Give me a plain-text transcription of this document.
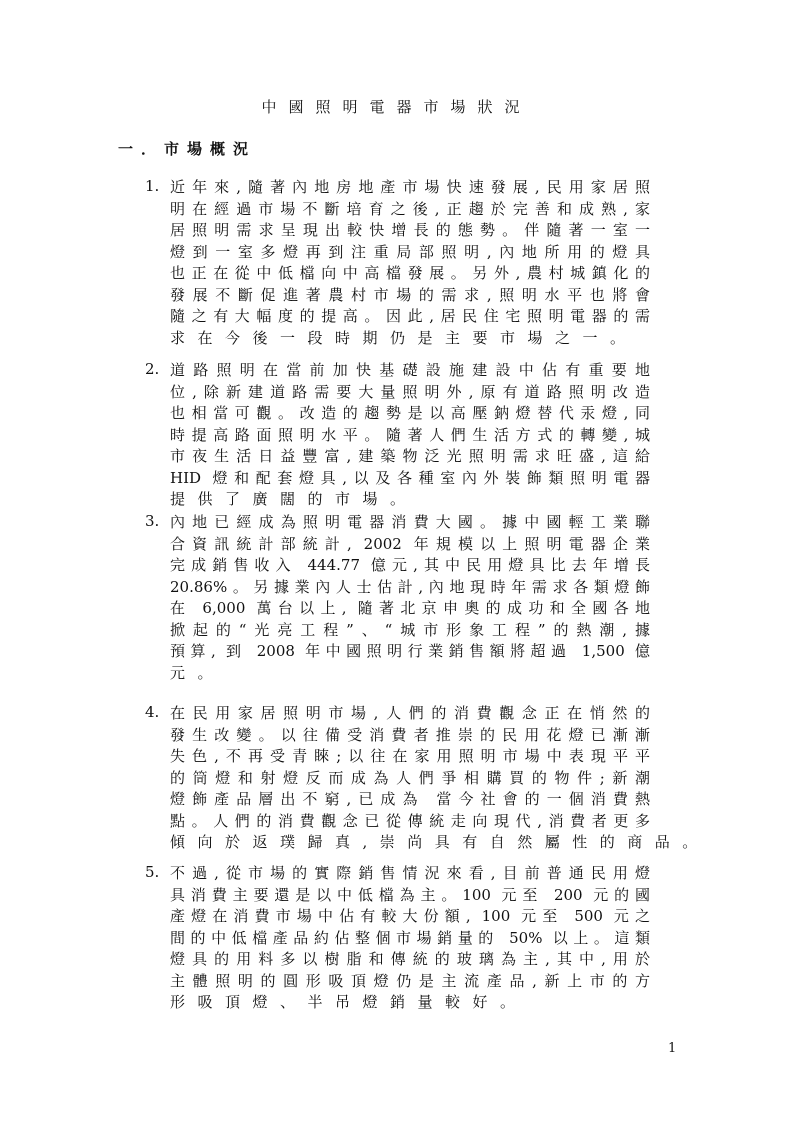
中國照明電器市場狀況
一．市場概況
1. 近年來,隨著內地房地產市場快速發展,民用家居照
明在經過市場不斷培育之後,正趨於完善和成熟,家
居照明需求呈現出較快增長的態勢。伴隨著一室一
燈到一室多燈再到注重局部照明,內地所用的燈具
也正在從中低檔向中高檔發展。另外,農村城鎮化的
發展不斷促進著農村市場的需求,照明水平也將會
隨之有大幅度的提高。因此,居民住宅照明電器的需
求在今後一段時期仍是主要市場之一。
2. 道路照明在當前加快基礎設施建設中佔有重要地
位,除新建道路需要大量照明外,原有道路照明改造
也相當可觀。改造的趨勢是以高壓鈉燈替代汞燈,同
時提高路面照明水平。隨著人們生活方式的轉變,城
市夜生活日益豐富,建築物泛光照明需求旺盛,這給
HID 燈和配套燈具,以及各種室內外裝飾類照明電器
提供了廣闊的市場。
3. 內地已經成為照明電器消費大國。據中國輕工業聯
合資訊統計部統計, 2002 年規模以上照明電器企業
完成銷售收入 444.77 億元,其中民用燈具比去年增長
20.86%。另據業內人士估計,內地現時年需求各類燈飾
在 6,000 萬台以上, 隨著北京申奧的成功和全國各地
掀起的“光亮工程”、“城市形象工程”的熱潮,據
預算, 到 2008 年中國照明行業銷售額將超過 1,500 億
元。
4. 在民用家居照明市場,人們的消費觀念正在悄然的
發生改變。以往備受消費者推崇的民用花燈已漸漸
失色,不再受青睞;以往在家用照明市場中表現平平
的筒燈和射燈反而成為人們爭相購買的物件;新潮
燈飾產品層出不窮,已成為 當今社會的一個消費熱
點。人們的消費觀念已從傳統走向現代,消費者更多
傾向於返璞歸真,崇尚具有自然屬性的商品。
5. 不過,從市場的實際銷售情況來看,目前普通民用燈
具消費主要還是以中低檔為主。100 元至 200 元的國
產燈在消費市場中佔有較大份額, 100 元至 500 元之
間的中低檔產品約佔整個市場銷量的 50% 以上。這類
燈具的用料多以樹脂和傳統的玻璃為主,其中,用於
主體照明的圓形吸頂燈仍是主流產品,新上市的方
形吸頂燈、半吊燈銷量較好。
1
